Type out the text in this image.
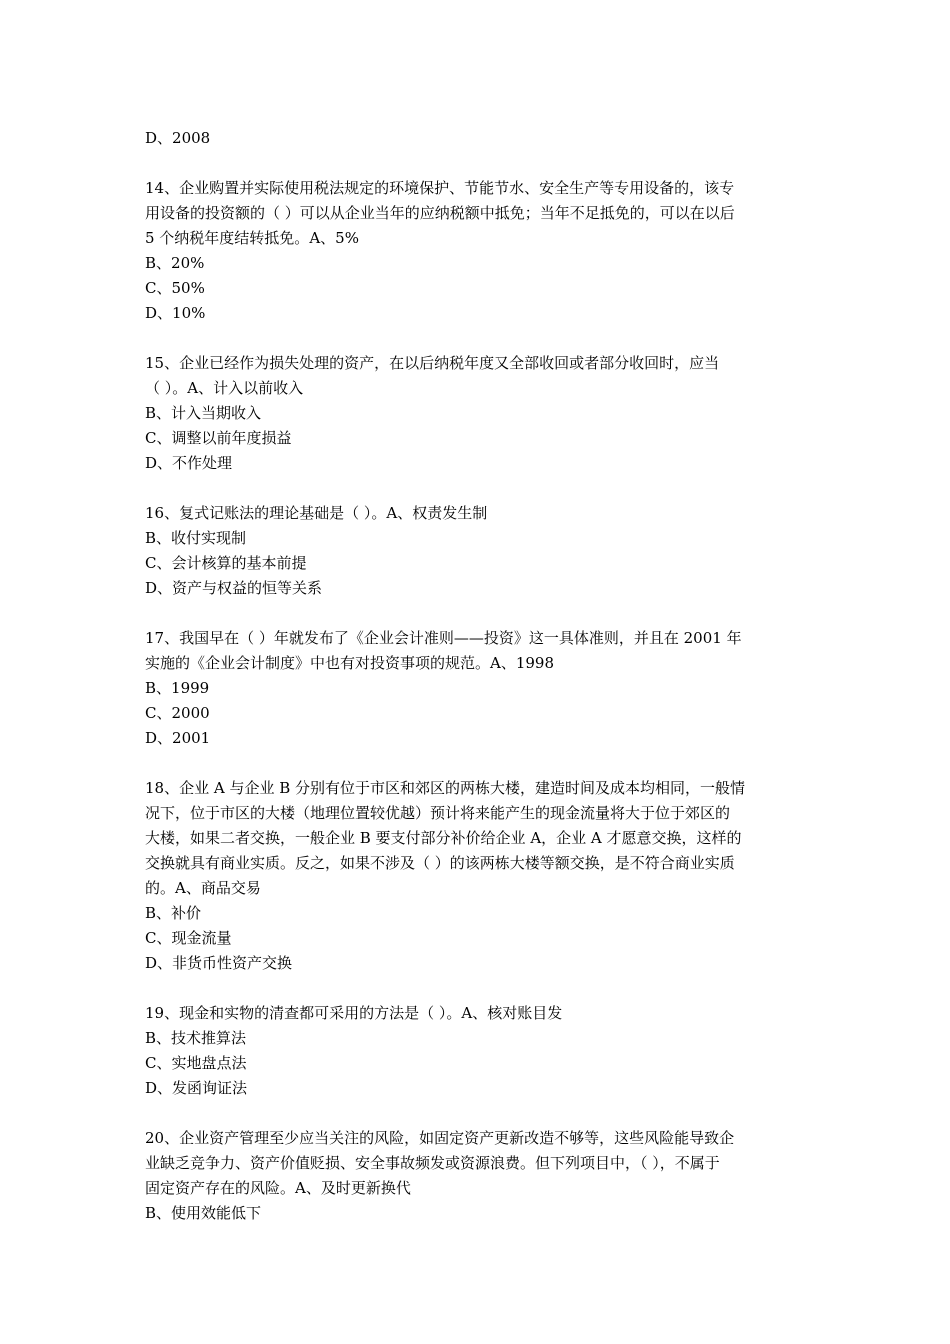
D、2008
14、企业购置并实际使用税法规定的环境保护、节能节水、安全生产等专用设备的，该专
用设备的投资额的（ ）可以从企业当年的应纳税额中抵免；当年不足抵免的，可以在以后
5 个纳税年度结转抵免。A、5%
B、20%
C、50%
D、10%
15、企业已经作为损失处理的资产，在以后纳税年度又全部收回或者部分收回时，应当
（ ）。A、计入以前收入
B、计入当期收入
C、调整以前年度损益
D、不作处理
16、复式记账法的理论基础是（ ）。A、权责发生制
B、收付实现制
C、会计核算的基本前提
D、资产与权益的恒等关系
17、我国早在（ ）年就发布了《企业会计准则——投资》这一具体准则，并且在 2001 年
实施的《企业会计制度》中也有对投资事项的规范。A、1998
B、1999
C、2000
D、2001
18、企业 A 与企业 B 分别有位于市区和郊区的两栋大楼，建造时间及成本均相同，一般情
况下，位于市区的大楼（地理位置较优越）预计将来能产生的现金流量将大于位于郊区的
大楼，如果二者交换，一般企业 B 要支付部分补价给企业 A，企业 A 才愿意交换，这样的
交换就具有商业实质。反之，如果不涉及（ ）的该两栋大楼等额交换，是不符合商业实质
的。A、商品交易
B、补价
C、现金流量
D、非货币性资产交换
19、现金和实物的清查都可采用的方法是（ ）。A、核对账目发
B、技术推算法
C、实地盘点法
D、发函询证法
20、企业资产管理至少应当关注的风险，如固定资产更新改造不够等，这些风险能导致企
业缺乏竞争力、资产价值贬损、安全事故频发或资源浪费。但下列项目中，（ ），不属于
固定资产存在的风险。A、及时更新换代
B、使用效能低下
